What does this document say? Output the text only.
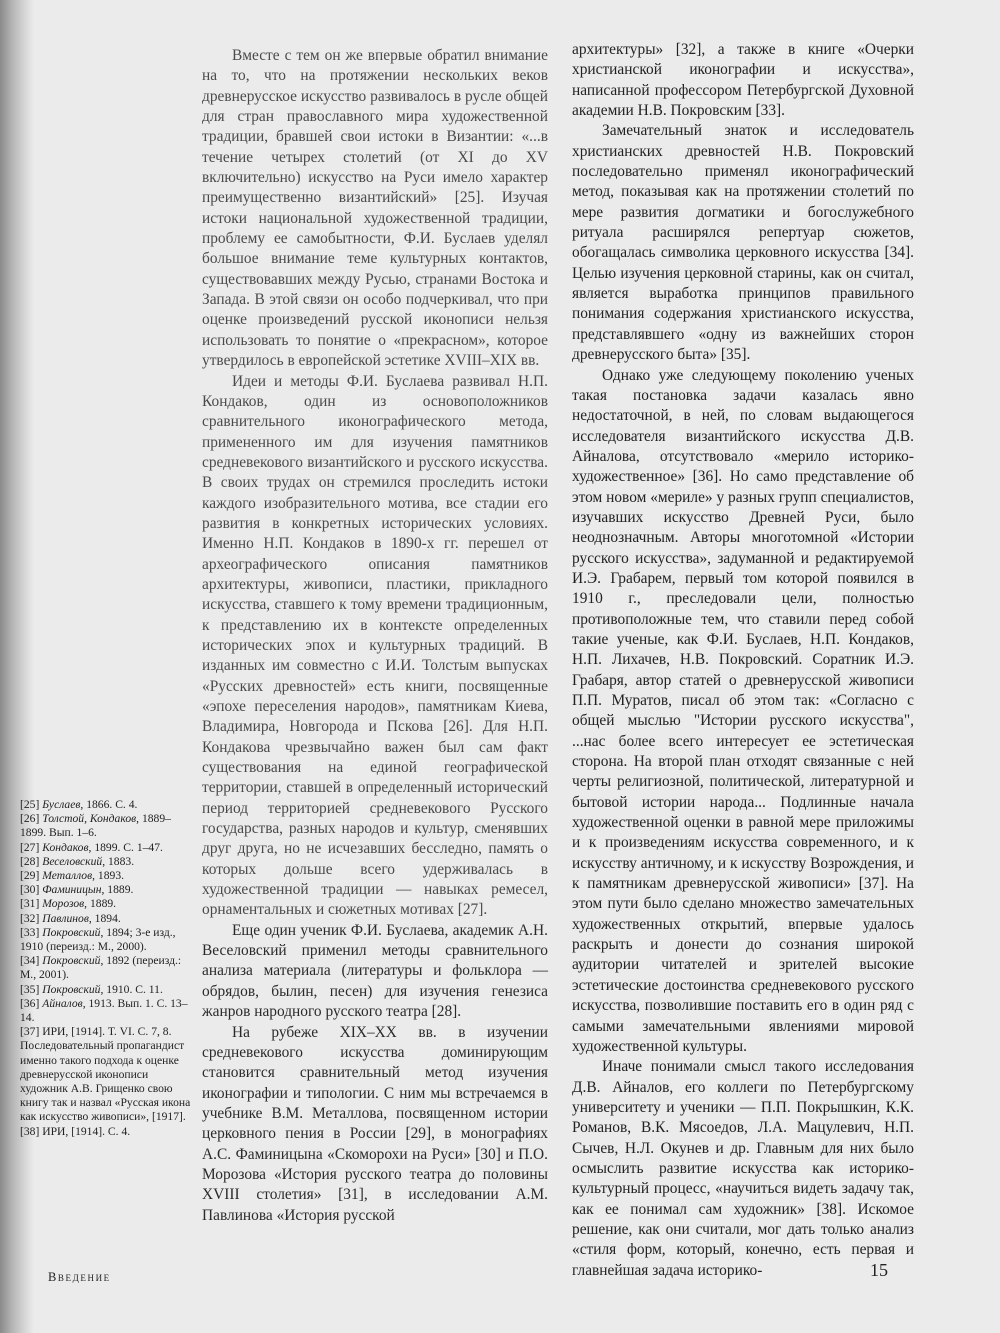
Вместе с тем он же впервые обратил внимание на то, что на протяжении нескольких веков древнерусское искусство развивалось в русле общей для стран православного мира художественной традиции, бравшей свои истоки в Византии: «...в течение четырех столетий (от XI до XV включительно) искусство на Руси имело характер преимущественно византийский» [25]. Изучая истоки национальной художественной традиции, проблему ее самобытности, Ф.И. Буслаев уделял большое внимание теме культурных контактов, существовавших между Русью, странами Востока и Запада. В этой связи он особо подчеркивал, что при оценке произведений русской иконописи нельзя использовать то понятие о «прекрасном», которое утвердилось в европейской эстетике XVIII–XIX вв.

Идеи и методы Ф.И. Буслаева развивал Н.П. Кондаков, один из основоположников сравнительного иконографического метода, примененного им для изучения памятников средневекового византийского и русского искусства. В своих трудах он стремился проследить истоки каждого изобразительного мотива, все стадии его развития в конкретных исторических условиях. Именно Н.П. Кондаков в 1890-х гг. перешел от археографического описания памятников архитектуры, живописи, пластики, прикладного искусства, ставшего к тому времени традиционным, к представлению их в контексте определенных исторических эпох и культурных традиций. В изданных им совместно с И.И. Толстым выпусках «Русских древностей» есть книги, посвященные «эпохе переселения народов», памятникам Киева, Владимира, Новгорода и Пскова [26]. Для Н.П. Кондакова чрезвычайно важен был сам факт существования на единой географической территории, ставшей в определенный исторический период территорией средневекового Русского государства, разных народов и культур, сменявших друг друга, но не исчезавших бесследно, память о которых дольше всего удерживалась в художественной традиции — навыках ремесел, орнаментальных и сюжетных мотивах [27].

Еще один ученик Ф.И. Буслаева, академик А.Н. Веселовский применил методы сравнительного анализа материала (литературы и фольклора — обрядов, былин, песен) для изучения генезиса жанров народного русского театра [28].

На рубеже XIX–XX вв. в изучении средневекового искусства доминирующим становится сравнительный метод изучения иконографии и типологии. С ним мы встречаемся в учебнике В.М. Металлова, посвященном истории церковного пения в России [29], в монографиях А.С. Фаминицына «Скоморохи на Руси» [30] и П.О. Морозова «История русского театра до половины XVIII столетия» [31], в исследовании А.М. Павлинова «История русской

архитектуры» [32], а также в книге «Очерки христианской иконографии и искусства», написанной профессором Петербургской Духовной академии Н.В. Покровским [33].

Замечательный знаток и исследователь христианских древностей Н.В. Покровский последовательно применял иконографический метод, показывая как на протяжении столетий по мере развития догматики и богослужебного ритуала расширялся репертуар сюжетов, обогащалась символика церковного искусства [34]. Целью изучения церковной старины, как он считал, является выработка принципов правильного понимания содержания христианского искусства, представлявшего «одну из важнейших сторон древнерусского быта» [35].

Однако уже следующему поколению ученых такая постановка задачи казалась явно недостаточной, в ней, по словам выдающегося исследователя византийского искусства Д.В. Айналова, отсутствовало «мерило историко-художественное» [36]. Но само представление об этом новом «мериле» у разных групп специалистов, изучавших искусство Древней Руси, было неоднозначным. Авторы многотомной «Истории русского искусства», задуманной и редактируемой И.Э. Грабарем, первый том которой появился в 1910 г., преследовали цели, полностью противоположные тем, что ставили перед собой такие ученые, как Ф.И. Буслаев, Н.П. Кондаков, Н.П. Лихачев, Н.В. Покровский. Соратник И.Э. Грабаря, автор статей о древнерусской живописи П.П. Муратов, писал об этом так: «Согласно с общей мыслью "Истории русского искусства", ...нас более всего интересует ее эстетическая сторона. На второй план отходят связанные с ней черты религиозной, политической, литературной и бытовой истории народа... Подлинные начала художественной оценки в равной мере приложимы и к произведениям искусства современного, и к искусству античному, и к искусству Возрождения, и к памятникам древнерусской живописи» [37]. На этом пути было сделано множество замечательных художественных открытий, впервые удалось раскрыть и донести до сознания широкой аудитории читателей и зрителей высокие эстетические достоинства средневекового русского искусства, позволившие поставить его в один ряд с самыми замечательными явлениями мировой художественной культуры.

Иначе понимали смысл такого исследования Д.В. Айналов, его коллеги по Петербургскому университету и ученики — П.П. Покрышкин, К.К. Романов, В.К. Мясоедов, Л.А. Мацулевич, Н.П. Сычев, Н.Л. Окунев и др. Главным для них было осмыслить развитие искусства как историко-культурный процесс, «научиться видеть задачу так, как ее понимал сам художник» [38]. Искомое решение, как они считали, мог дать только анализ «стиля форм, который, конечно, есть первая и главнейшая задача историко-

[25] Буслаев, 1866. С. 4.

[26] Толстой, Кондаков, 1889–1899. Вып. 1–6.

[27] Кондаков, 1899. С. 1–47.

[28] Веселовский, 1883.

[29] Металлов, 1893.

[30] Фаминицын, 1889.

[31] Морозов, 1889.

[32] Павлинов, 1894.

[33] Покровский, 1894; 3-е изд., 1910 (переизд.: М., 2000).

[34] Покровский, 1892 (переизд.: М., 2001).

[35] Покровский, 1910. С. 11.

[36] Айналов, 1913. Вып. 1. С. 13–14.

[37] ИРИ, [1914]. Т. VI. С. 7, 8. Последовательный пропагандист именно такого подхода к оценке древнерусской иконописи художник А.В. Грищенко свою книгу так и назвал «Русская икона как искусство живописи», [1917].

[38] ИРИ, [1914]. С. 4.

Введение	15
